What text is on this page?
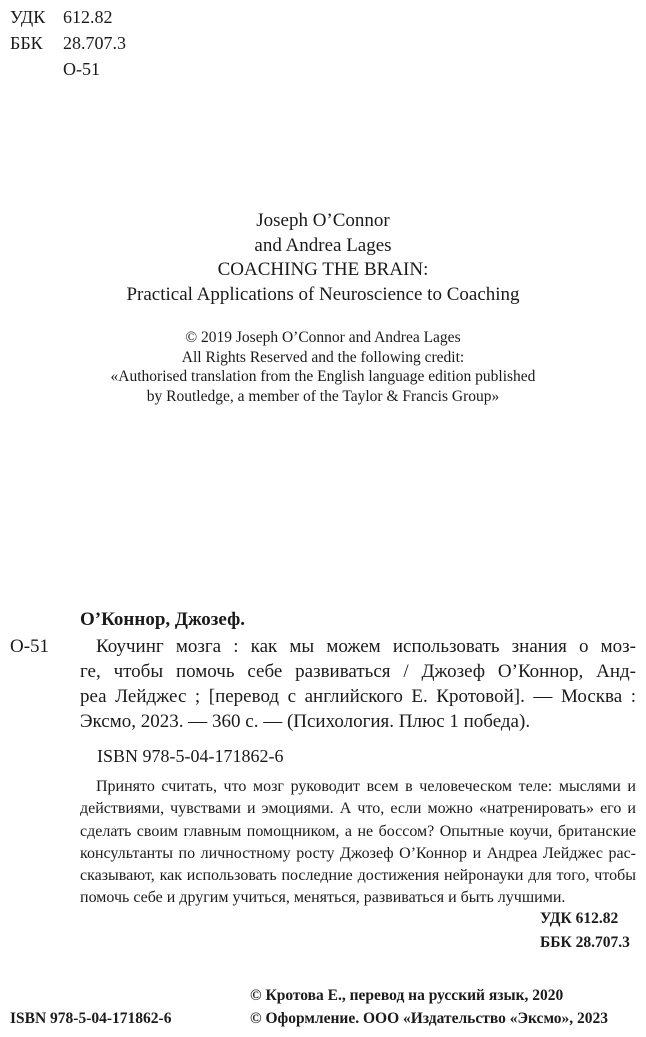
УДК 612.82
ББК 28.707.3
О-51
Joseph O’Connor
and Andrea Lages
COACHING THE BRAIN:
Practical Applications of Neuroscience to Coaching
© 2019 Joseph O’Connor and Andrea Lages
All Rights Reserved and the following credit:
«Authorised translation from the English language edition published
by Routledge, a member of the Taylor & Francis Group»
О’Коннор, Джозеф.
О-51	Коучинг мозга : как мы можем использовать знания о моз-
ге, чтобы помочь себе развиваться / Джозеф О’Коннор, Анд-
реа Лейджес ; [перевод с английского Е. Кротовой]. — Москва :
Эксмо, 2023. — 360 с. — (Психология. Плюс 1 победа).
ISBN 978-5-04-171862-6
Принято считать, что мозг руководит всем в человеческом теле: мыслями и
действиями, чувствами и эмоциями. А что, если можно «натренировать» его и
сделать своим главным помощником, а не боссом? Опытные коучи, британские
консультанты по личностному росту Джозеф О’Коннор и Андреа Лейджес рас-
сказывают, как использовать последние достижения нейронауки для того, чтобы
помочь себе и другим учиться, меняться, развиваться и быть лучшими.
УДК 612.82
ББК 28.707.3
ISBN 978-5-04-171862-6
© Кротова Е., перевод на русский язык, 2020
© Оформление. ООО «Издательство «Эксмо», 2023
